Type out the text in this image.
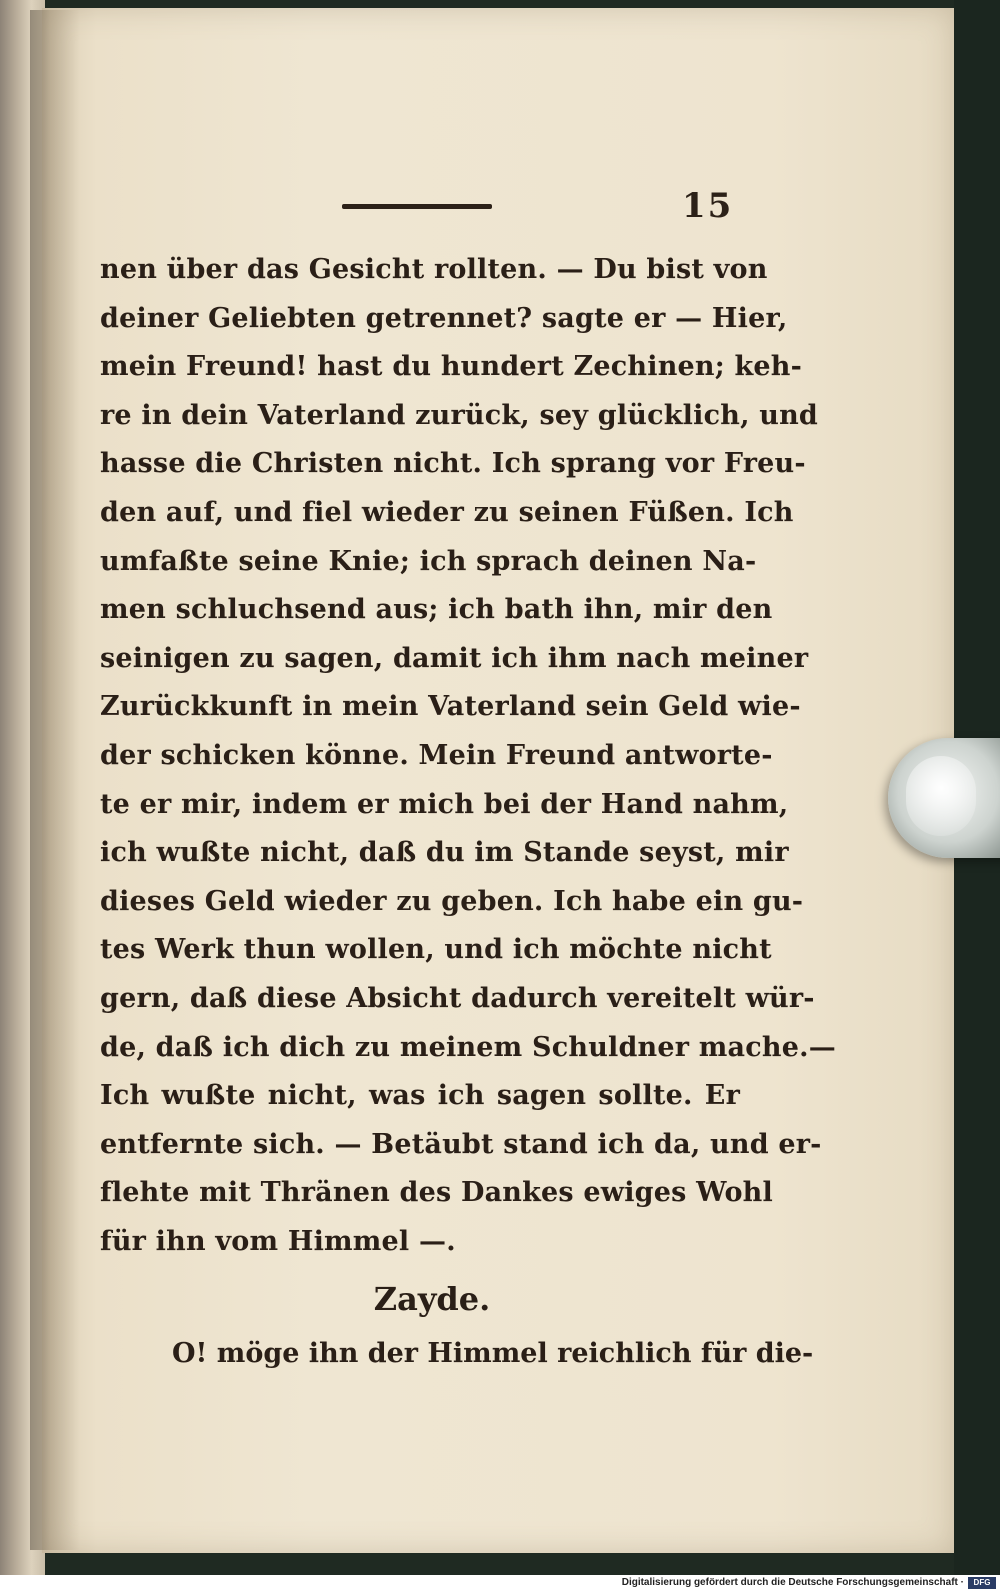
15
nen über das Gesicht rollten. — Du bist von
deiner Geliebten getrennet? sagte er — Hier,
mein Freund! hast du hundert Zechinen; keh-
re in dein Vaterland zurück, sey glücklich, und
hasse die Christen nicht. Ich sprang vor Freu-
den auf, und fiel wieder zu seinen Füßen. Ich
umfaßte seine Knie; ich sprach deinen Na-
men schluchsend aus; ich bath ihn, mir den
seinigen zu sagen, damit ich ihm nach meiner
Zurückkunft in mein Vaterland sein Geld wie-
der schicken könne. Mein Freund antworte-
te er mir, indem er mich bei der Hand nahm,
ich wußte nicht, daß du im Stande seyst, mir
dieses Geld wieder zu geben. Ich habe ein gu-
tes Werk thun wollen, und ich möchte nicht
gern, daß diese Absicht dadurch vereitelt wür-
de, daß ich dich zu meinem Schuldner mache.—
Ich wußte nicht, was ich sagen sollte. Er
entfernte sich. — Betäubt stand ich da, und er-
flehte mit Thränen des Dankes ewiges Wohl
für ihn vom Himmel —.
Zayde.
O! möge ihn der Himmel reichlich für die-
Digitalisierung gefördert durch die Deutsche Forschungsgemeinschaft ·	DFG
